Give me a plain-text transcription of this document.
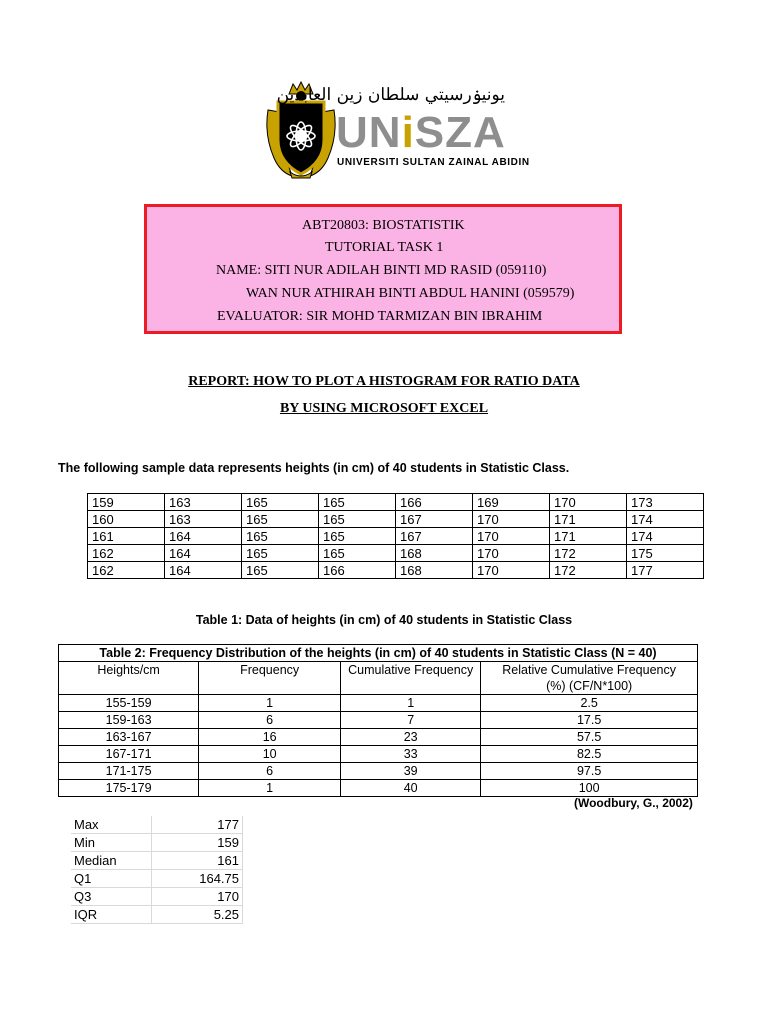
يونيۏرسيتي سلطان زين العابدين
UNiSZA
UNIVERSITI SULTAN ZAINAL ABIDIN
ABT20803: BIOSTATISTIK
TUTORIAL TASK 1
NAME: SITI NUR ADILAH BINTI MD RASID (059110)
WAN NUR ATHIRAH BINTI ABDUL HANINI (059579)
EVALUATOR: SIR MOHD TARMIZAN BIN IBRAHIM
REPORT: HOW TO PLOT A HISTOGRAM FOR RATIO DATA
BY USING MICROSOFT EXCEL
The following sample data represents heights (in cm) of 40 students in Statistic Class.
159	163	165	165	166	169	170	173
160	163	165	165	167	170	171	174
161	164	165	165	167	170	171	174
162	164	165	165	168	170	172	175
162	164	165	166	168	170	172	177
Table 1: Data of heights (in cm) of 40 students in Statistic Class
Table 2: Frequency Distribution of the heights (in cm) of 40 students in Statistic Class (N = 40)			
Heights/cm	Frequency	Cumulative Frequency	Relative Cumulative Frequency (%) (CF/N*100)
155-159	1	1	2.5
159-163	6	7	17.5
163-167	16	23	57.5
167-171	10	33	82.5
171-175	6	39	97.5
175-179	1	40	100
(Woodbury, G., 2002)
Max	177
Min	159
Median	161
Q1	164.75
Q3	170
IQR	5.25
